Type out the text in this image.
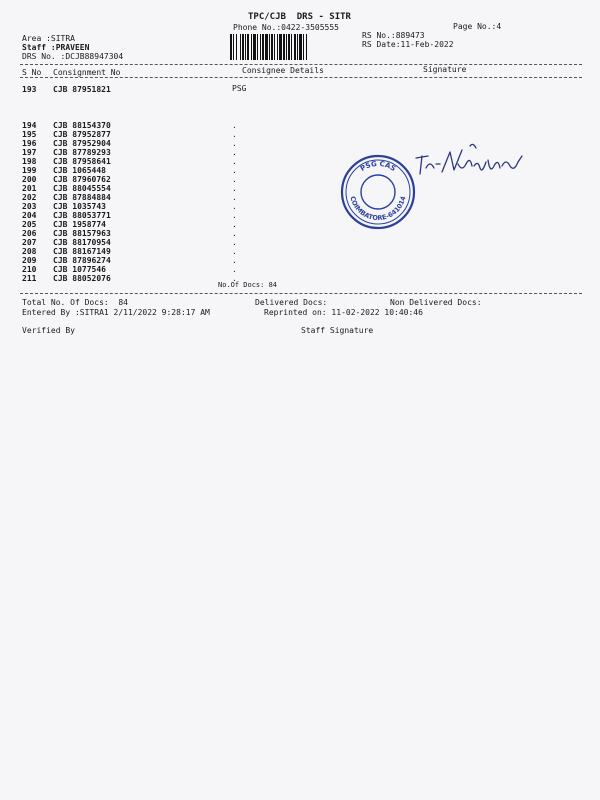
TPC/CJB  DRS - SITR
Phone No.:0422-3505555	Page No.:4
Area :SITRA
Staff :PRAVEEN
DRS No. :DCJB88947304
RS No.:889473
RS Date:11-Feb-2022
S No Consignment No	Consignee Details	Signature
193 CJB 87951821	PSG
194 CJB 88154370	.
195 CJB 87952877	.
196 CJB 87952904	.
197 CJB 87789293	.
198 CJB 87958641	.
199 CJB 1065448	.
200 CJB 87960762	.
201 CJB 88045554	.
202 CJB 87884884	.
203 CJB 1035743	.
204 CJB 88053771	.
205 CJB 1958774	.
206 CJB 88157963	.
207 CJB 88170954	.
208 CJB 88167149	.
209 CJB 87896274	.
210 CJB 1077546	.
211 CJB 88052076	.
PSG CAS
COIMBATORE-641014
No.Of Docs: 84
Total No. Of Docs:  84	Delivered Docs:	Non Delivered Docs:
Entered By :SITRA1 2/11/2022 9:28:17 AM	Reprinted on: 11-02-2022 10:40:46
Verified By	Staff Signature
